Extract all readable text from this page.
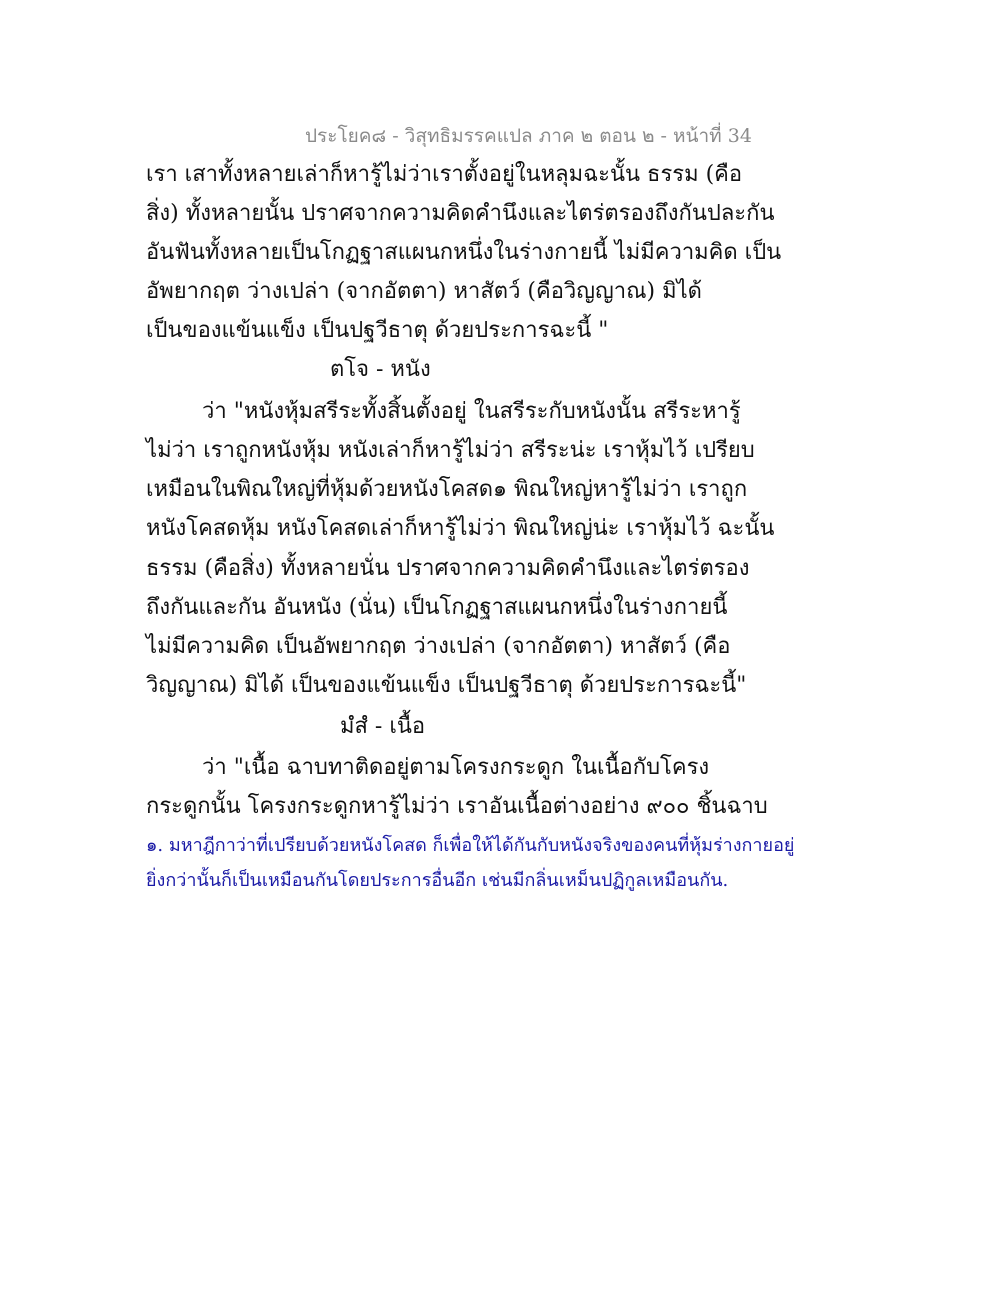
ประโยค๘ - วิสุทธิมรรคแปล ภาค ๒ ตอน ๒ - หน้าที่ 34
เรา เสาทั้งหลายเล่าก็หารู้ไม่ว่าเราตั้งอยู่ในหลุมฉะนั้น ธรรม (คือ
สิ่ง) ทั้งหลายนั้น ปราศจากความคิดคำนึงและไตร่ตรองถึงกันปละกัน
อันฟันทั้งหลายเป็นโกฏฐาสแผนกหนึ่งในร่างกายนี้ ไม่มีความคิด เป็น
อัพยากฤต ว่างเปล่า (จากอัตตา) หาสัตว์ (คือวิญญาณ) มิได้
เป็นของแข้นแข็ง เป็นปฐวีธาตุ ด้วยประการฉะนี้ "
ตโจ - หนัง
ว่า "หนังหุ้มสรีระทั้งสิ้นตั้งอยู่ ในสรีระกับหนังนั้น สรีระหารู้
ไม่ว่า เราถูกหนังหุ้ม หนังเล่าก็หารู้ไม่ว่า สรีระน่ะ เราหุ้มไว้ เปรียบ
เหมือนในพิณใหญ่ที่หุ้มด้วยหนังโคสด๑ พิณใหญ่หารู้ไม่ว่า เราถูก
หนังโคสดหุ้ม หนังโคสดเล่าก็หารู้ไม่ว่า พิณใหญ่น่ะ เราหุ้มไว้ ฉะนั้น
ธรรม (คือสิ่ง) ทั้งหลายนั่น ปราศจากความคิดคำนึงและไตร่ตรอง
ถึงกันและกัน อันหนัง (นั่น) เป็นโกฏฐาสแผนกหนึ่งในร่างกายนี้
ไม่มีความคิด เป็นอัพยากฤต ว่างเปล่า (จากอัตตา) หาสัตว์ (คือ
วิญญาณ) มิได้ เป็นของแข้นแข็ง เป็นปฐวีธาตุ ด้วยประการฉะนี้"
มํสํ - เนื้อ
ว่า "เนื้อ ฉาบทาติดอยู่ตามโครงกระดูก ในเนื้อกับโครง
กระดูกนั้น โครงกระดูกหารู้ไม่ว่า เราอันเนื้อต่างอย่าง ๙๐๐ ชิ้นฉาบ
๑. มหาฎีกาว่าที่เปรียบด้วยหนังโคสด ก็เพื่อให้ได้กันกับหนังจริงของคนที่หุ้มร่างกายอยู่
ยิ่งกว่านั้นก็เป็นเหมือนกันโดยประการอื่นอีก เช่นมีกลิ่นเหม็นปฏิกูลเหมือนกัน.
